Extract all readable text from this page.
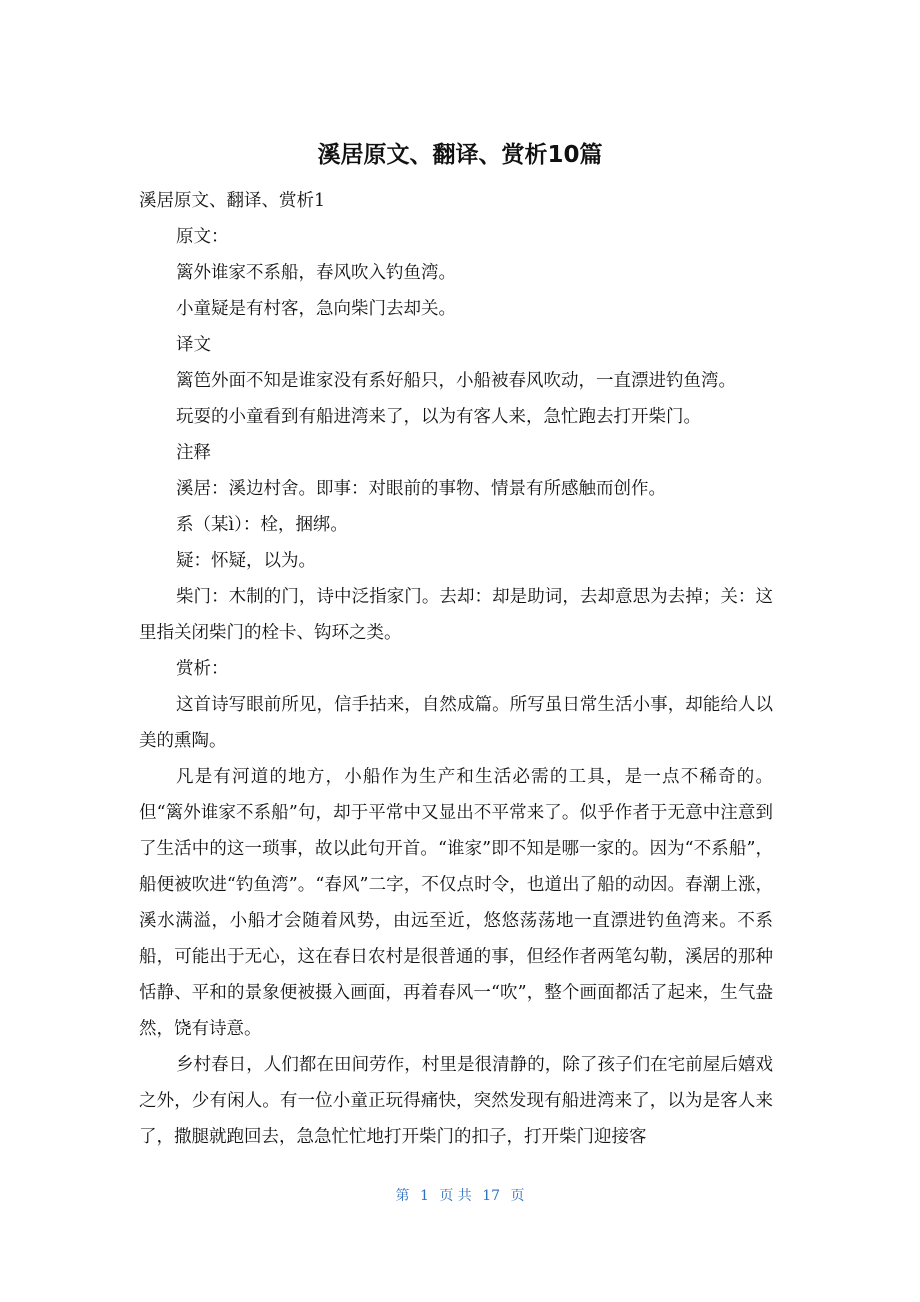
溪居原文、翻译、赏析10篇

溪居原文、翻译、赏析1

原文：

篱外谁家不系船，春风吹入钓鱼湾。

小童疑是有村客，急向柴门去却关。

译文

篱笆外面不知是谁家没有系好船只，小船被春风吹动，一直漂进钓鱼湾。

玩耍的小童看到有船进湾来了，以为有客人来，急忙跑去打开柴门。

注释

溪居：溪边村舍。即事：对眼前的事物、情景有所感触而创作。

系（某ì）：栓，捆绑。

疑：怀疑，以为。

柴门：木制的门，诗中泛指家门。去却：却是助词，去却意思为去掉；关：这里指关闭柴门的栓卡、钩环之类。

赏析：

这首诗写眼前所见，信手拈来，自然成篇。所写虽日常生活小事，却能给人以美的熏陶。

凡是有河道的地方，小船作为生产和生活必需的工具，是一点不稀奇的。但“篱外谁家不系船”句，却于平常中又显出不平常来了。似乎作者于无意中注意到了生活中的这一琐事，故以此句开首。“谁家”即不知是哪一家的。因为“不系船”，船便被吹进“钓鱼湾”。“春风”二字，不仅点时令，也道出了船的动因。春潮上涨，溪水满溢，小船才会随着风势，由远至近，悠悠荡荡地一直漂进钓鱼湾来。不系船，可能出于无心，这在春日农村是很普通的事，但经作者两笔勾勒，溪居的那种恬静、平和的景象便被摄入画面，再着春风一“吹”，整个画面都活了起来，生气盎然，饶有诗意。

乡村春日，人们都在田间劳作，村里是很清静的，除了孩子们在宅前屋后嬉戏之外，少有闲人。有一位小童正玩得痛快，突然发现有船进湾来了，以为是客人来了，撒腿就跑回去，急急忙忙地打开柴门的扣子，打开柴门迎接客

第 1 页 共 17 页
